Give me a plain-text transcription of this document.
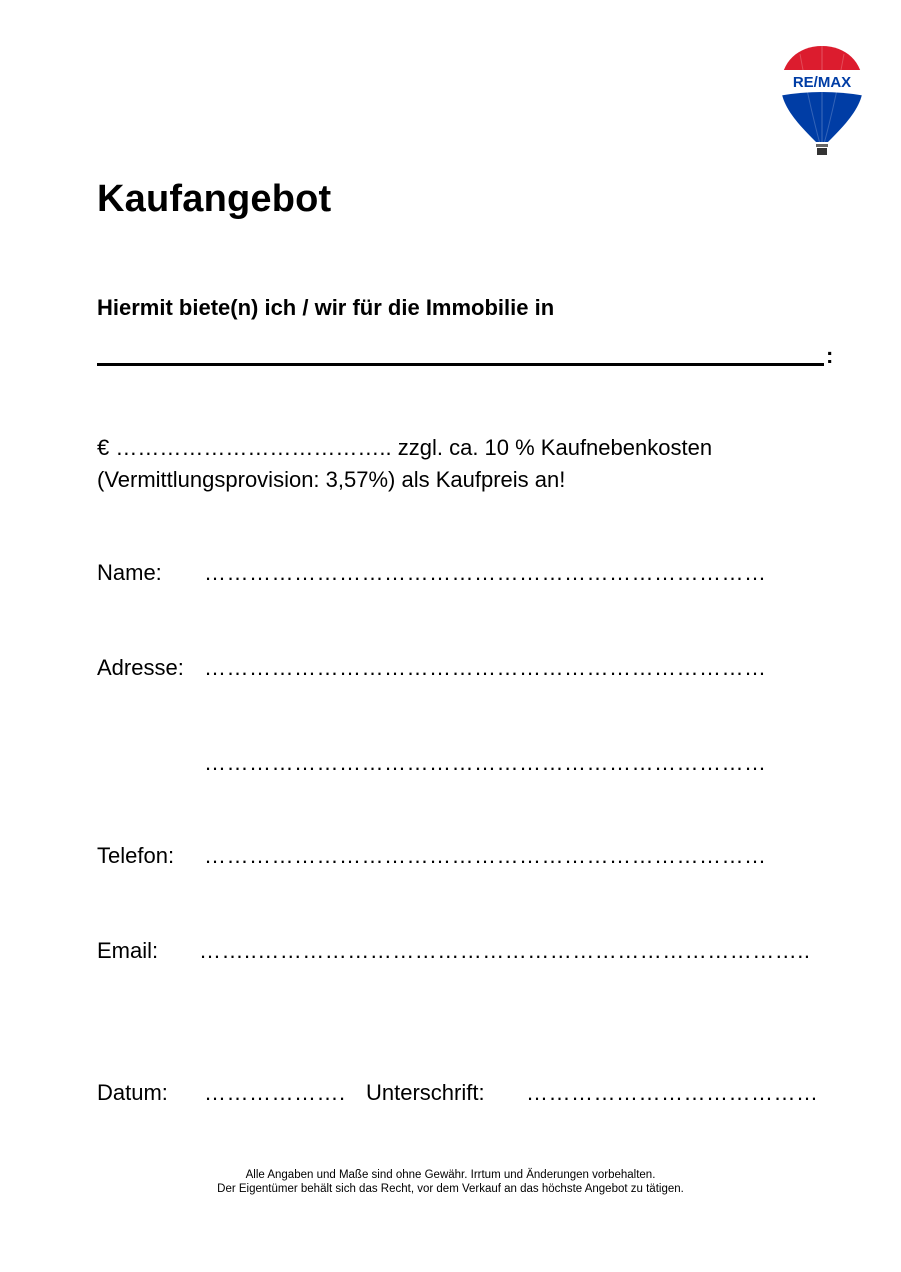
RE/MAX
Kaufangebot
Hiermit biete(n) ich / wir für die Immobilie in
:
€ ……………………………….. zzgl. ca. 10 % Kaufnebenkosten
(Vermittlungsprovision: 3,57%) als Kaufpreis an!
Name: …………………………………………………………………
Adresse: …………………………………………………………………
…………………………………………………………………
Telefon: …………………………………………………………………
Email: ……..………………………………………………………………..
Datum: ………………. Unterschrift: …………………………………
Alle Angaben und Maße sind ohne Gewähr. Irrtum und Änderungen vorbehalten.
Der Eigentümer behält sich das Recht, vor dem Verkauf an das höchste Angebot zu tätigen.
